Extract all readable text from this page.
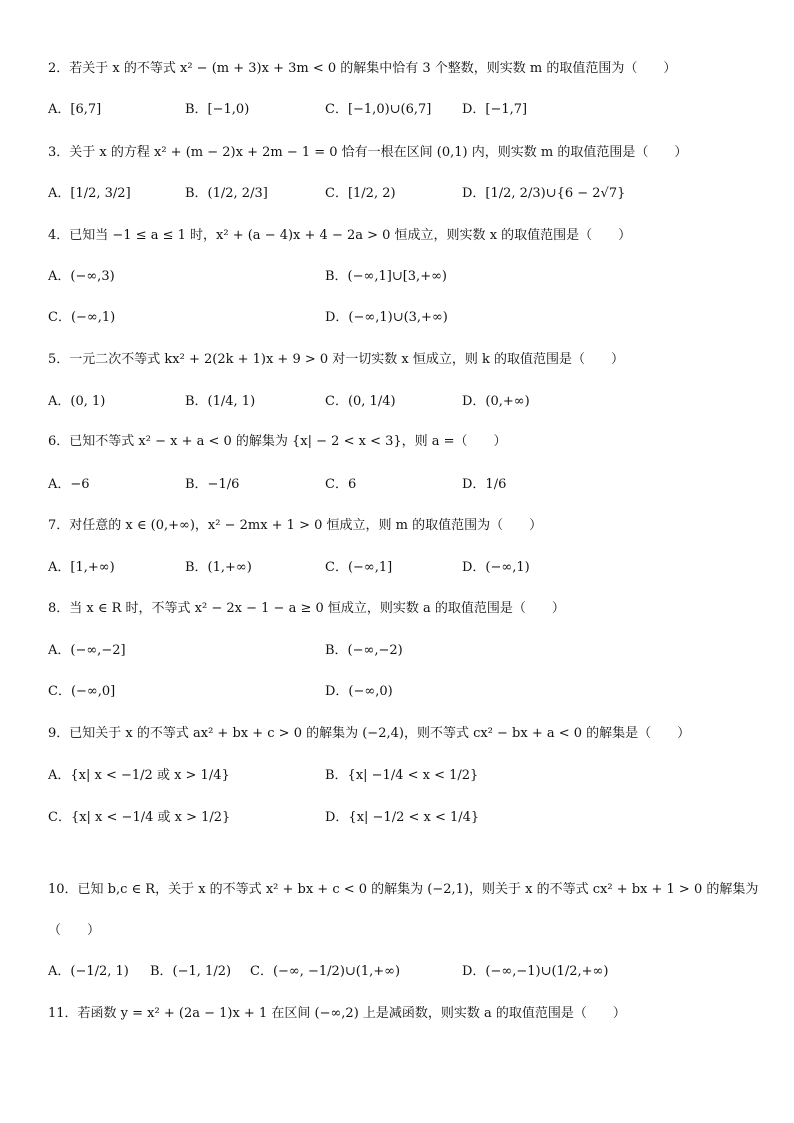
2．若关于 x 的不等式 x² − (m + 3)x + 3m < 0 的解集中恰有 3 个整数，则实数 m 的取值范围为（　　）
A．[6,7]	B．[−1,0)	C．[−1,0)∪(6,7] D．[−1,7]
3．关于 x 的方程 x² + (m − 2)x + 2m − 1 = 0 恰有一根在区间 (0,1) 内，则实数 m 的取值范围是（　　）
A．[1/2, 3/2]	B．(1/2, 2/3]	C．[1/2, 2)	D．[1/2, 2/3)∪{6 − 2√7}
4．已知当 −1 ≤ a ≤ 1 时，x² + (a − 4)x + 4 − 2a > 0 恒成立，则实数 x 的取值范围是（　　）
A．(−∞,3)	B．(−∞,1]∪[3,+∞)
C．(−∞,1)	D．(−∞,1)∪(3,+∞)
5．一元二次不等式 kx² + 2(2k + 1)x + 9 > 0 对一切实数 x 恒成立，则 k 的取值范围是（　　）
A．(0, 1)	B．(1/4, 1)	C．(0, 1/4)	D．(0,+∞)
6．已知不等式 x² − x + a < 0 的解集为 {x| − 2 < x < 3}，则 a =（　　）
A．−6	B．−1/6	C．6	D．1/6
7．对任意的 x ∈ (0,+∞)，x² − 2mx + 1 > 0 恒成立，则 m 的取值范围为（　　）
A．[1,+∞)	B．(1,+∞)	C．(−∞,1]	D．(−∞,1)
8．当 x ∈ R 时，不等式 x² − 2x − 1 − a ≥ 0 恒成立，则实数 a 的取值范围是（　　）
A．(−∞,−2]	B．(−∞,−2)
C．(−∞,0]	D．(−∞,0)
9．已知关于 x 的不等式 ax² + bx + c > 0 的解集为 (−2,4)，则不等式 cx² − bx + a < 0 的解集是（　　）
A．{x| x < −1/2 或 x > 1/4}	B．{x| −1/4 < x < 1/2}
C．{x| x < −1/4 或 x > 1/2}	D．{x| −1/2 < x < 1/4}
10．已知 b,c ∈ R，关于 x 的不等式 x² + bx + c < 0 的解集为 (−2,1)，则关于 x 的不等式 cx² + bx + 1 > 0 的解集为
（　　）
A．(−1/2, 1) B．(−1, 1/2) C．(−∞, −1/2)∪(1,+∞)	D．(−∞,−1)∪(1/2,+∞)
11．若函数 y = x² + (2a − 1)x + 1 在区间 (−∞,2) 上是减函数，则实数 a 的取值范围是（　　）
